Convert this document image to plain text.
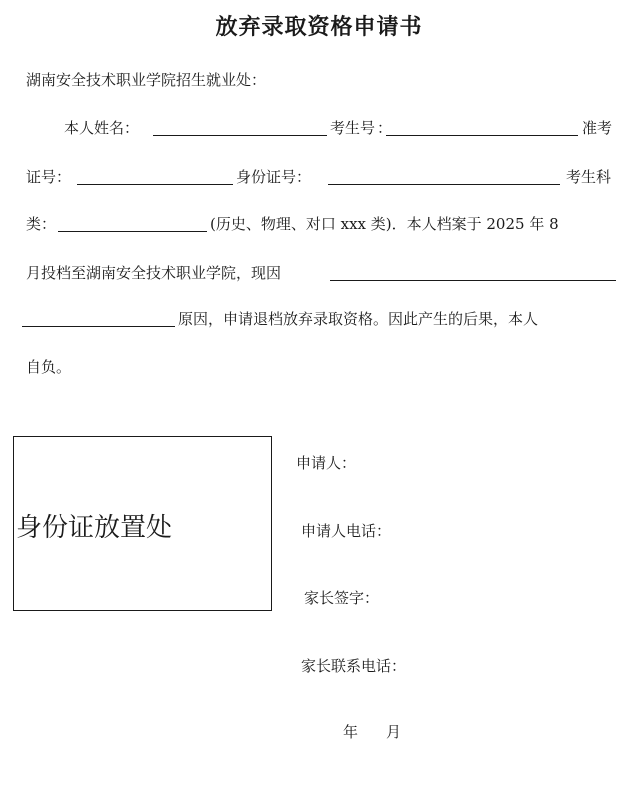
放弃录取资格申请书
湖南安全技术职业学院招生就业处：
本人姓名：	考生号 ：	准考
证号：	身份证号：	考生科
类：	(历史、物理、对口 xxx 类)．本人档案于 2025 年 8
月投档至湖南安全技术职业学院，现因
原因，申请退档放弃录取资格。因此产生的后果，本人
自负。
身份证放置处
申请人：
申请人电话：
家长签字：
家长联系电话：
年 月
